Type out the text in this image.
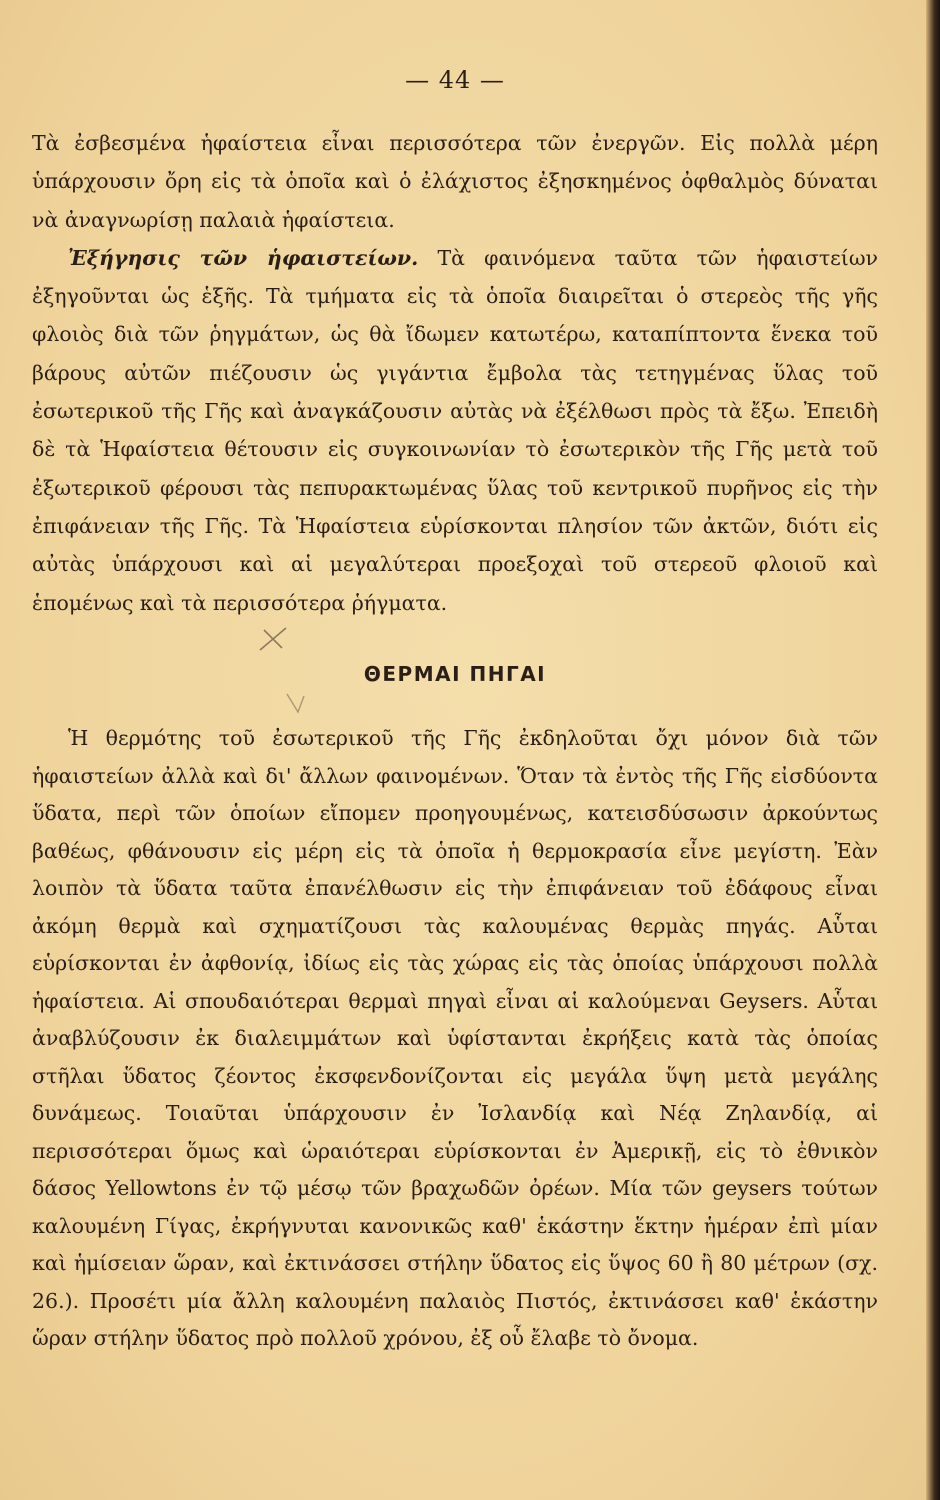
— 44 —

Τὰ ἐσβεσμένα ἡφαίστεια εἶναι περισσότερα τῶν ἐνεργῶν. Εἰς πολλὰ μέρη ὑπάρχουσιν ὄρη εἰς τὰ ὁποῖα καὶ ὁ ἐλάχιστος ἐξησκημένος ὀφθαλμὸς δύναται νὰ ἀναγνωρίσῃ παλαιὰ ἡφαίστεια.

Ἐξήγησις τῶν ἡφαιστείων. Τὰ φαινόμενα ταῦτα τῶν ἡφαιστείων ἐξηγοῦνται ὡς ἑξῆς. Τὰ τμήματα εἰς τὰ ὁποῖα διαιρεῖται ὁ στερεὸς τῆς γῆς φλοιὸς διὰ τῶν ῥηγμάτων, ὡς θὰ ἴδωμεν κατωτέρω, καταπίπτοντα ἕνεκα τοῦ βάρους αὐτῶν πιέζουσιν ὡς γιγάντια ἔμβολα τὰς τετηγμένας ὕλας τοῦ ἐσωτερικοῦ τῆς Γῆς καὶ ἀναγκάζουσιν αὐτὰς νὰ ἐξέλθωσι πρὸς τὰ ἔξω. Ἐπειδὴ δὲ τὰ Ἡφαίστεια θέτουσιν εἰς συγκοινωνίαν τὸ ἐσωτερικὸν τῆς Γῆς μετὰ τοῦ ἐξωτερικοῦ φέρουσι τὰς πεπυρακτωμένας ὕλας τοῦ κεντρικοῦ πυρῆνος εἰς τὴν ἐπιφάνειαν τῆς Γῆς. Τὰ Ἡφαίστεια εὑρίσκονται πλησίον τῶν ἀκτῶν, διότι εἰς αὐτὰς ὑπάρχουσι καὶ αἱ μεγαλύτεραι προεξοχαὶ τοῦ στερεοῦ φλοιοῦ καὶ ἑπομένως καὶ τὰ περισσότερα ῥήγματα.

ΘΕΡΜΑΙ ΠΗΓΑΙ

Ἡ θερμότης τοῦ ἐσωτερικοῦ τῆς Γῆς ἐκδηλοῦται ὄχι μόνον διὰ τῶν ἡφαιστείων ἀλλὰ καὶ δι' ἄλλων φαινομένων. Ὅταν τὰ ἐντὸς τῆς Γῆς εἰσδύοντα ὕδατα, περὶ τῶν ὁποίων εἴπομεν προηγουμένως, κατεισδύσωσιν ἀρκούντως βαθέως, φθάνουσιν εἰς μέρη εἰς τὰ ὁποῖα ἡ θερμοκρασία εἶνε μεγίστη. Ἐὰν λοιπὸν τὰ ὕδατα ταῦτα ἐπανέλθωσιν εἰς τὴν ἐπιφάνειαν τοῦ ἐδάφους εἶναι ἀκόμη θερμὰ καὶ σχηματίζουσι τὰς καλουμένας θερμὰς πηγάς. Αὗται εὑρίσκονται ἐν ἀφθονίᾳ, ἰδίως εἰς τὰς χώρας εἰς τὰς ὁποίας ὑπάρχουσι πολλὰ ἡφαίστεια. Αἱ σπουδαιότεραι θερμαὶ πηγαὶ εἶναι αἱ καλούμεναι Geysers. Αὗται ἀναβλύζουσιν ἐκ διαλειμμάτων καὶ ὑφίστανται ἐκρήξεις κατὰ τὰς ὁποίας στῆλαι ὕδατος ζέοντος ἐκσφενδονίζονται εἰς μεγάλα ὕψη μετὰ μεγάλης δυνάμεως. Τοιαῦται ὑπάρχουσιν ἐν Ἰσλανδίᾳ καὶ Νέᾳ Ζηλανδίᾳ, αἱ περισσότεραι ὅμως καὶ ὡραιότεραι εὑρίσκονται ἐν Ἀμερικῇ, εἰς τὸ ἐθνικὸν δάσος Yellowtons ἐν τῷ μέσῳ τῶν βραχωδῶν ὀρέων. Μία τῶν geysers τούτων καλουμένη Γίγας, ἐκρήγνυται κανονικῶς καθ' ἑκάστην ἕκτην ἡμέραν ἐπὶ μίαν καὶ ἡμίσειαν ὥραν, καὶ ἐκτινάσσει στήλην ὕδατος εἰς ὕψος 60 ἢ 80 μέτρων (σχ. 26.). Προσέτι μία ἄλλη καλουμένη παλαιὸς Πιστός, ἐκτινάσσει καθ' ἑκάστην ὥραν στήλην ὕδατος πρὸ πολλοῦ χρόνου, ἐξ οὗ ἔλαβε τὸ ὄνομα.
